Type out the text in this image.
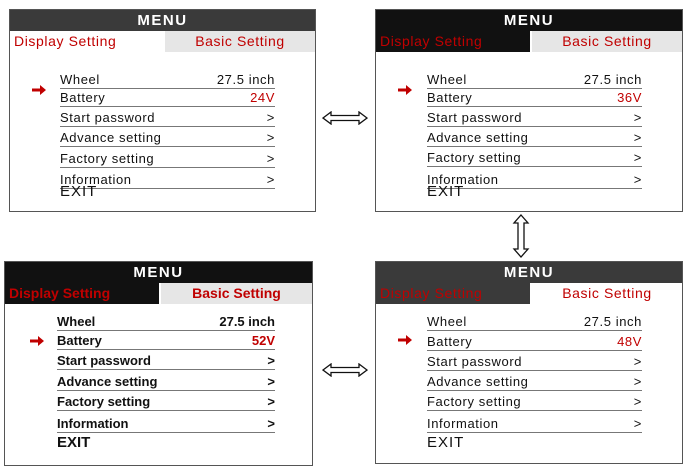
MENU
Display Setting	Basic Setting
Wheel	27.5 inch
Battery	24V
Start password	>
Advance setting	>
Factory setting	>
Information	>
EXIT
MENU
Display Setting	Basic Setting
Wheel	27.5 inch
Battery	36V
Start password	>
Advance setting	>
Factory setting	>
Information	>
EXIT
MENU
Display Setting	Basic Setting
Wheel	27.5 inch
Battery	52V
Start password	>
Advance setting	>
Factory setting	>
Information	>
EXIT
MENU
Display Setting	Basic Setting
Wheel	27.5 inch
Battery	48V
Start password	>
Advance setting	>
Factory setting	>
Information	>
EXIT
